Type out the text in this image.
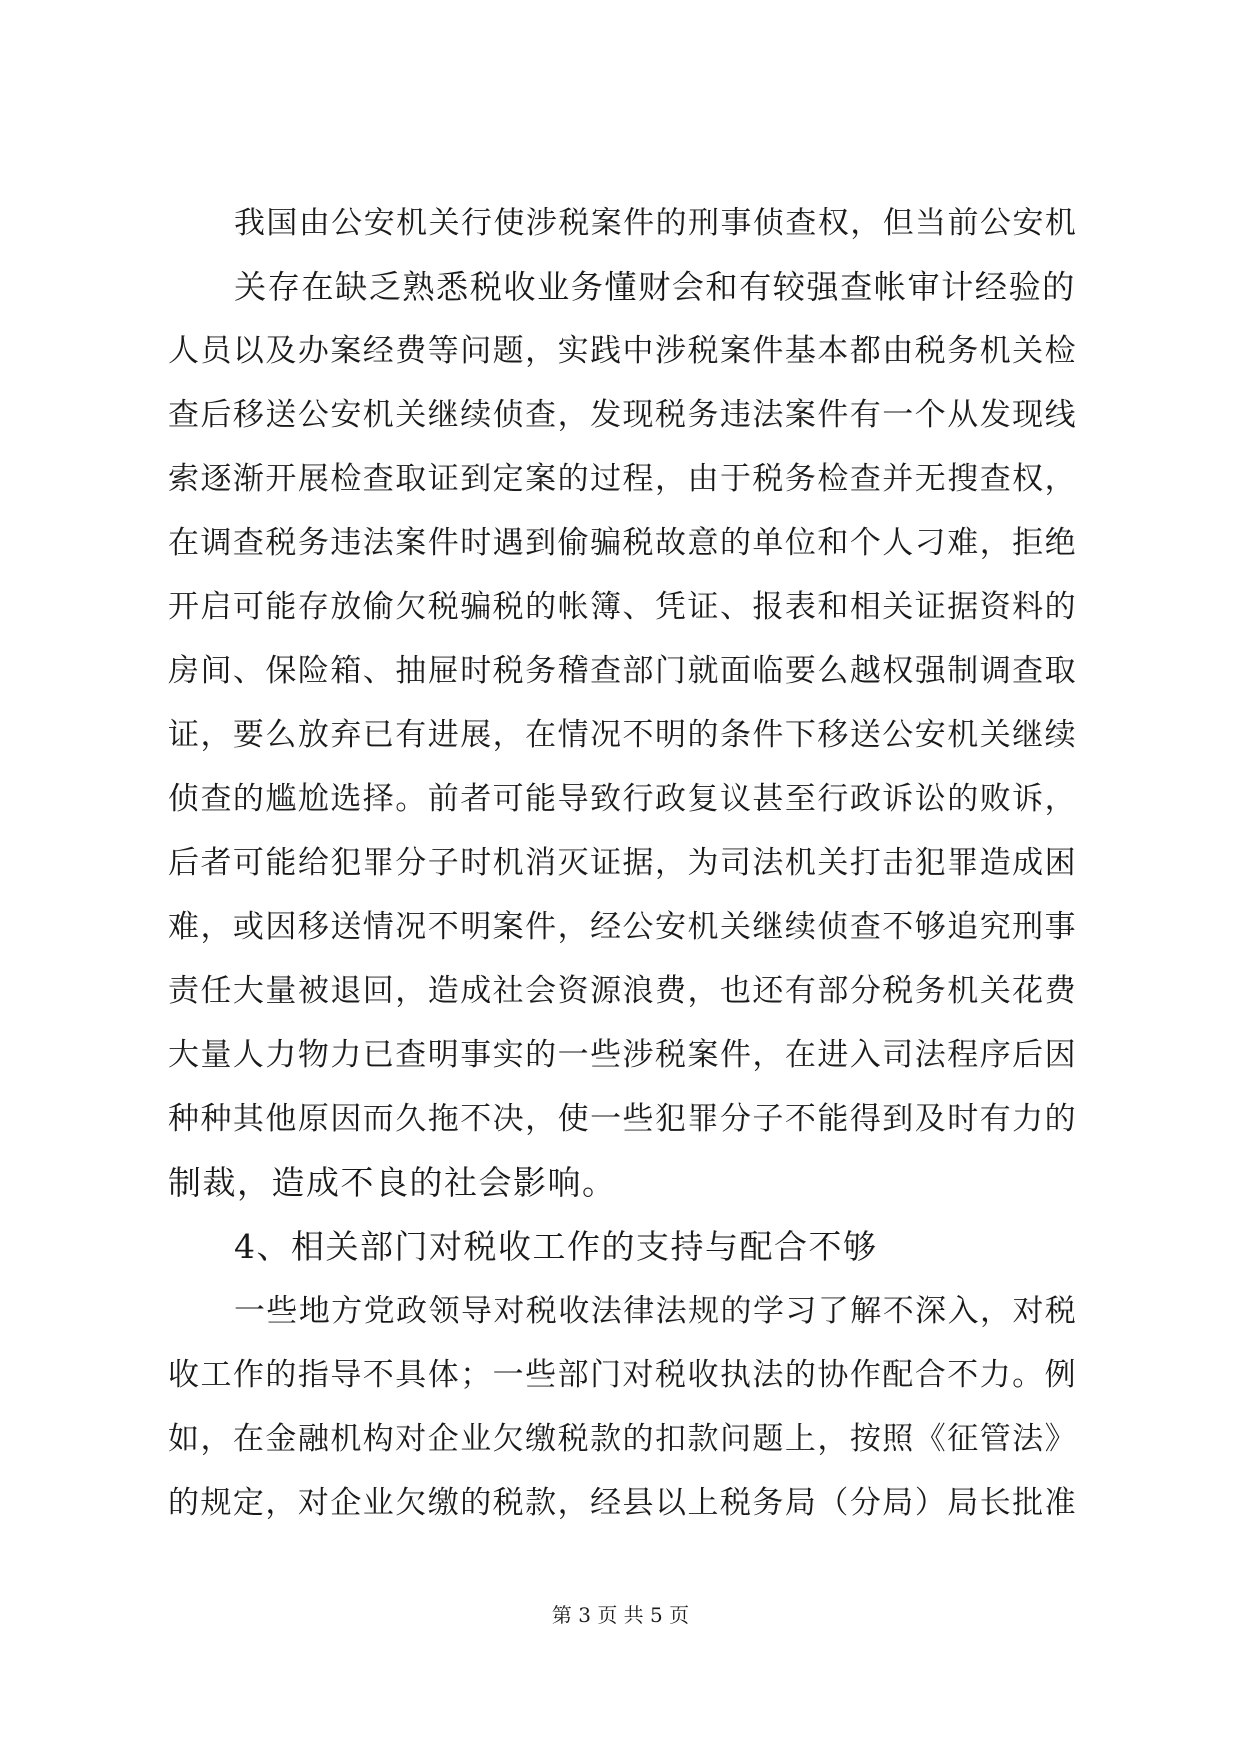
我国由公安机关行使涉税案件的刑事侦查权，但当前公安机
关存在缺乏熟悉税收业务懂财会和有较强查帐审计经验的
人员以及办案经费等问题，实践中涉税案件基本都由税务机关检
查后移送公安机关继续侦查，发现税务违法案件有一个从发现线
索逐渐开展检查取证到定案的过程，由于税务检查并无搜查权，
在调查税务违法案件时遇到偷骗税故意的单位和个人刁难，拒绝
开启可能存放偷欠税骗税的帐簿、凭证、报表和相关证据资料的
房间、保险箱、抽屉时税务稽查部门就面临要么越权强制调查取
证，要么放弃已有进展，在情况不明的条件下移送公安机关继续
侦查的尴尬选择。前者可能导致行政复议甚至行政诉讼的败诉，
后者可能给犯罪分子时机消灭证据，为司法机关打击犯罪造成困
难，或因移送情况不明案件，经公安机关继续侦查不够追究刑事
责任大量被退回，造成社会资源浪费，也还有部分税务机关花费
大量人力物力已查明事实的一些涉税案件，在进入司法程序后因
种种其他原因而久拖不决，使一些犯罪分子不能得到及时有力的
制裁，造成不良的社会影响。
4、相关部门对税收工作的支持与配合不够
一些地方党政领导对税收法律法规的学习了解不深入，对税
收工作的指导不具体；一些部门对税收执法的协作配合不力。例
如，在金融机构对企业欠缴税款的扣款问题上，按照《征管法》
的规定，对企业欠缴的税款，经县以上税务局（分局）局长批准
第 3 页 共 5 页
